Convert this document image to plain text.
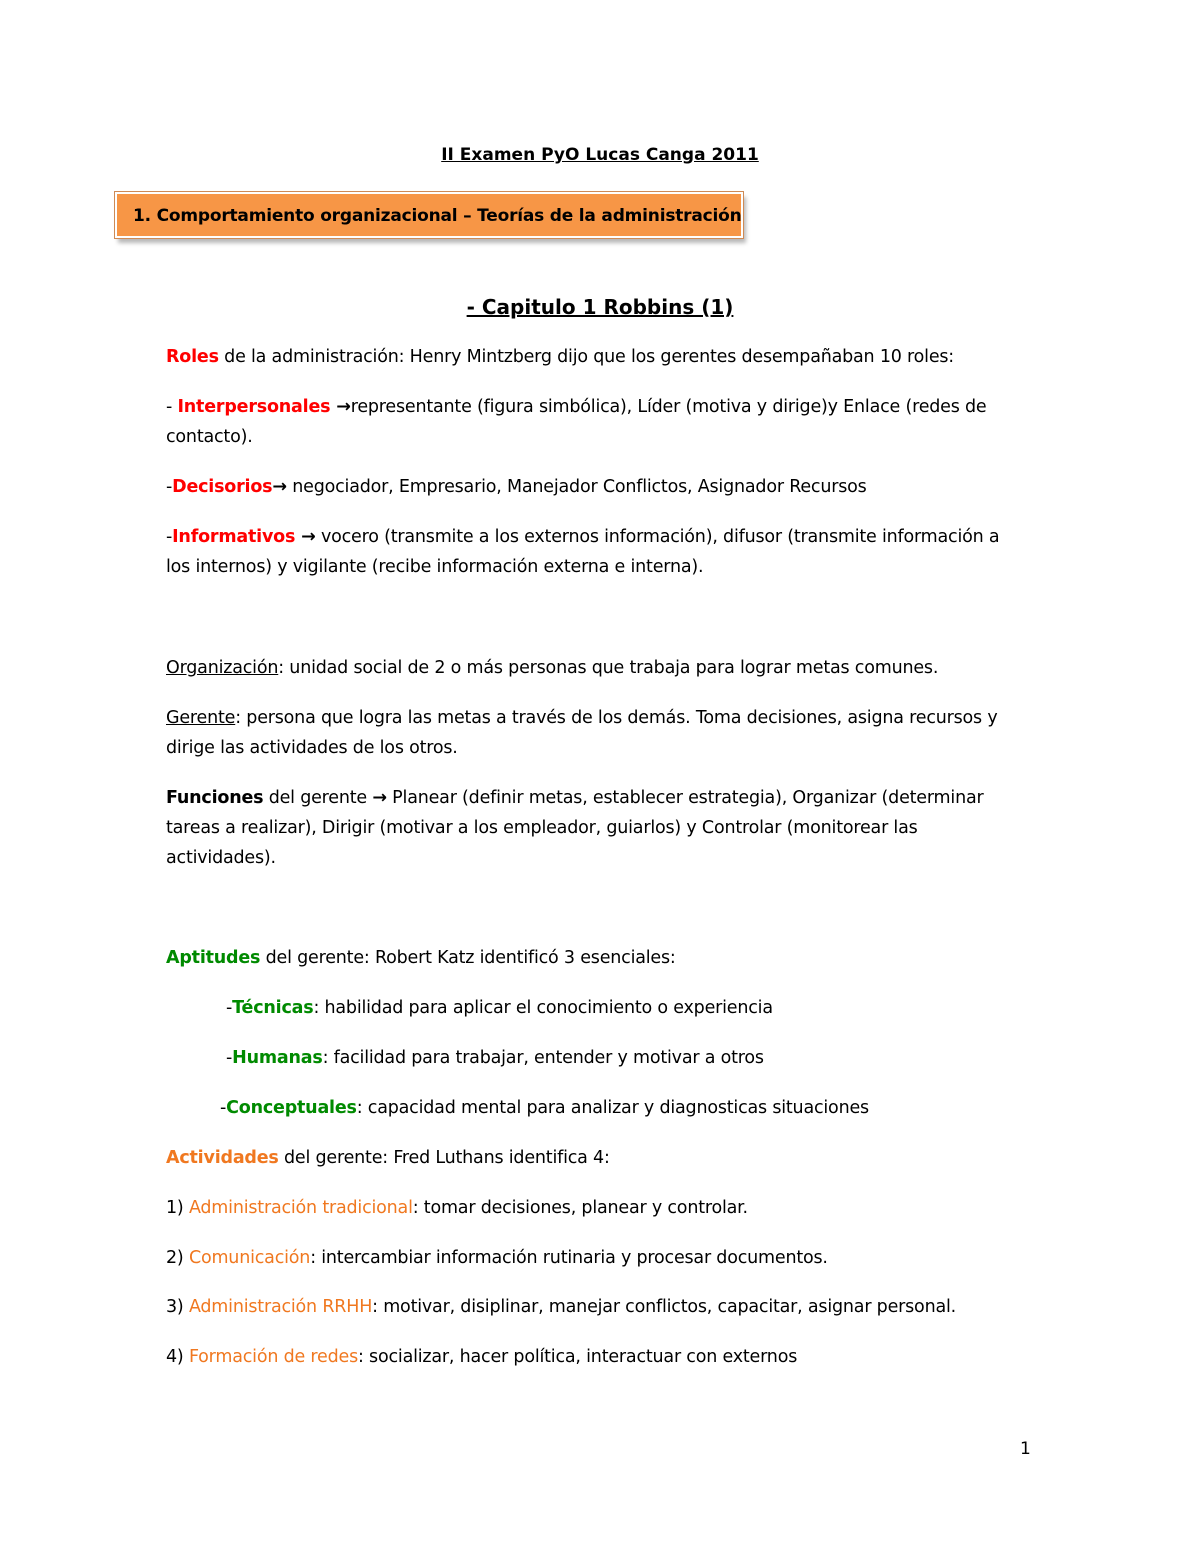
II Examen PyO Lucas Canga 2011
1. Comportamiento organizacional – Teorías de la administración
- Capitulo 1 Robbins (1)
Roles de la administración: Henry Mintzberg dijo que los gerentes desempañaban 10 roles:
- Interpersonales →representante (figura simbólica), Líder (motiva y dirige)y Enlace (redes de
contacto).
-Decisorios→ negociador, Empresario, Manejador Conflictos, Asignador Recursos
-Informativos → vocero (transmite a los externos información), difusor (transmite información a
los internos) y vigilante (recibe información externa e interna).
Organización: unidad social de 2 o más personas que trabaja para lograr metas comunes.
Gerente: persona que logra las metas a través de los demás. Toma decisiones, asigna recursos y
dirige las actividades de los otros.
Funciones del gerente → Planear (definir metas, establecer estrategia), Organizar (determinar
tareas a realizar), Dirigir (motivar a los empleador, guiarlos) y Controlar (monitorear las
actividades).
Aptitudes del gerente: Robert Katz identificó 3 esenciales:
-Técnicas: habilidad para aplicar el conocimiento o experiencia
-Humanas: facilidad para trabajar, entender y motivar a otros
-Conceptuales: capacidad mental para analizar y diagnosticas situaciones
Actividades del gerente: Fred Luthans identifica 4:
1) Administración tradicional: tomar decisiones, planear y controlar.
2) Comunicación: intercambiar información rutinaria y procesar documentos.
3) Administración RRHH: motivar, disiplinar, manejar conflictos, capacitar, asignar personal.
4) Formación de redes: socializar, hacer política, interactuar con externos
1
